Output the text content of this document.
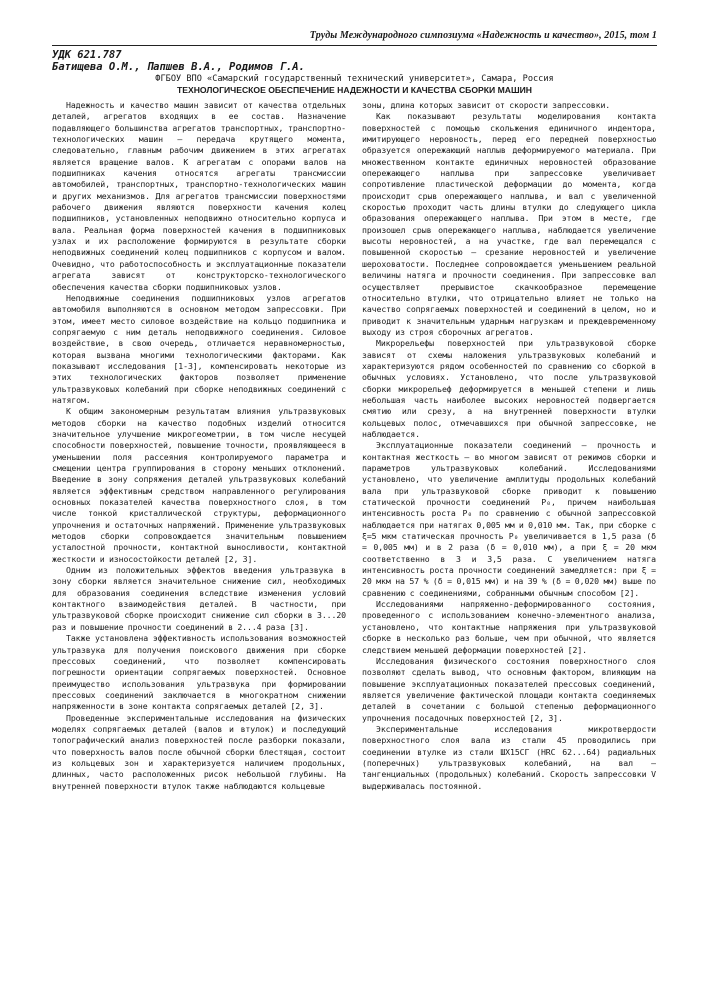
Труды Международного симпозиума «Надежность и качество», 2015, том 1
УДК 621.787
Батищева О.М., Папшев В.А., Родимов Г.А.
ФГБОУ ВПО «Самарский государственный технический университет», Самара, Россия
ТЕХНОЛОГИЧЕСКОЕ ОБЕСПЕЧЕНИЕ НАДЕЖНОСТИ И КАЧЕСТВА СБОРКИ МАШИН

Надежность и качество машин зависит от качества отдельных деталей, агрегатов входящих в ее состав. Назначение подавляющего большинства агрегатов транспортных, транспортно-технологических машин – передача крутящего момента, следовательно, главным рабочим движением в этих агрегатах является вращение валов. К агрегатам с опорами валов на подшипниках качения относятся агрегаты трансмиссии автомобилей, транспортных, транспортно-технологических машин и других механизмов. Для агрегатов трансмиссии поверхностями рабочего движения являются поверхности качения колец подшипников, установленных неподвижно относительно корпуса и вала. Реальная форма поверхностей качения в подшипниковых узлах и их расположение формируются в результате сборки неподвижных соединений колец подшипников с корпусом и валом. Очевидно, что работоспособность и эксплуатационные показатели агрегата зависят от конструкторско-технологического обеспечения качества сборки подшипниковых узлов.

Неподвижные соединения подшипниковых узлов агрегатов автомобиля выполняются в основном методом запрессовки. При этом, имеет место силовое воздействие на кольцо подшипника и сопрягаемую с ним деталь неподвижного соединения. Силовое воздействие, в свою очередь, отличается неравномерностью, которая вызвана многими технологическими факторами. Как показывают исследования [1-3], компенсировать некоторые из этих технологических факторов позволяет применение ультразвуковых колебаний при сборке неподвижных соединений с натягом.

К общим закономерным результатам влияния ультразвуковых методов сборки на качество подобных изделий относится значительное улучшение микрогеометрии, в том числе несущей способности поверхностей, повышение точности, проявляющееся в уменьшении поля рассеяния контролируемого параметра и смещении центра группирования в сторону меньших отклонений. Введение в зону сопряжения деталей ультразвуковых колебаний является эффективным средством направленного регулирования основных показателей качества поверхностного слоя, в том числе тонкой кристаллической структуры, деформационного упрочнения и остаточных напряжений. Применение ультразвуковых методов сборки сопровождается значительным повышением усталостной прочности, контактной выносливости, контактной жесткости и износостойкости деталей [2, 3].

Одним из положительных эффектов введения ультразвука в зону сборки является значительное снижение сил, необходимых для образования соединения вследствие изменения условий контактного взаимодействия деталей. В частности, при ультразвуковой сборке происходит снижение сил сборки в 3...20 раз и повышение прочности соединений в 2...4 раза [3].

Также установлена эффективность использования возможностей ультразвука для получения поискового движения при сборке прессовых соединений, что позволяет компенсировать погрешности ориентации сопрягаемых поверхностей. Основное преимущество использования ультразвука при формировании прессовых соединений заключается в многократном снижении напряженности в зоне контакта сопрягаемых деталей [2, 3].

Проведенные экспериментальные исследования на физических моделях сопрягаемых деталей (валов и втулок) и последующий топографический анализ поверхностей после разборки показали, что поверхность валов после обычной сборки блестящая, состоит из кольцевых зон и характеризуется наличием продольных, длинных, часто расположенных рисок небольшой глубины. На внутренней поверхности втулок также наблюдаются кольцевые

зоны, длина которых зависит от скорости запрессовки.

Как показывают результаты моделирования контакта поверхностей с помощью скольжения единичного индентора, имитирующего неровность, перед его передней поверхностью образуется опережающий наплыв деформируемого материала. При множественном контакте единичных неровностей образование опережающего наплыва при запрессовке увеличивает сопротивление пластической деформации до момента, когда происходит срыв опережающего наплыва, и вал с увеличенной скоростью проходит часть длины втулки до следующего цикла образования опережающего наплыва. При этом в месте, где произошел срыв опережающего наплыва, наблюдается увеличение высоты неровностей, а на участке, где вал перемещался с повышенной скоростью – срезание неровностей и увеличение шероховатости. Последнее сопровождается уменьшением реальной величины натяга и прочности соединения. При запрессовке вал осуществляет прерывистое скачкообразное перемещение относительно втулки, что отрицательно влияет не только на качество сопрягаемых поверхностей и соединений в целом, но и приводит к значительным ударным нагрузкам и преждевременному выходу из строя сборочных агрегатов.

Микрорельефы поверхностей при ультразвуковой сборке зависят от схемы наложения ультразвуковых колебаний и характеризуются рядом особенностей по сравнению со сборкой в обычных условиях. Установлено, что после ультразвуковой сборки микрорельеф деформируется в меньшей степени и лишь небольшая часть наиболее высоких неровностей подвергается смятию или срезу, а на внутренней поверхности втулки кольцевых полос, отмечавшихся при обычной запрессовке, не наблюдается.

Эксплуатационные показатели соединений – прочность и контактная жесткость – во многом зависят от режимов сборки и параметров ультразвуковых колебаний. Исследованиями установлено, что увеличение амплитуды продольных колебаний вала при ультразвуковой сборке приводит к повышению статической прочности соединений P₀, причем наибольшая интенсивность роста P₀ по сравнению с обычной запрессовкой наблюдается при натягах 0,005 мм и 0,010 мм. Так, при сборке с ξ=5 мкм статическая прочность P₀ увеличивается в 1,5 раза (δ = 0,005 мм) и в 2 раза (δ = 0,010 мм), а при ξ = 20 мкм соответственно в 3 и 3,5 раза. С увеличением натяга интенсивность роста прочности соединений замедляется: при ξ = 20 мкм на 57 % (δ = 0,015 мм) и на 39 % (δ = 0,020 мм) выше по сравнению с соединениями, собранными обычным способом [2].

Исследованиями напряженно-деформированного состояния, проведенного с использованием конечно-элементного анализа, установлено, что контактные напряжения при ультразвуковой сборке в несколько раз больше, чем при обычной, что является следствием меньшей деформации поверхностей [2].

Исследования физического состояния поверхностного слоя позволяют сделать вывод, что основным фактором, влияющим на повышение эксплуатационных показателей прессовых соединений, является увеличение фактической площади контакта соединяемых деталей в сочетании с большой степенью деформационного упрочнения посадочных поверхностей [2, 3].

Экспериментальные исследования микротвердости поверхностного слоя вала из стали 45 проводились при соединении втулке из стали ШХ15СГ (HRC 62...64) радиальных (поперечных) ультразвуковых колебаний, на вал – тангенциальных (продольных) колебаний. Скорость запрессовки V выдерживалась постоянной.
